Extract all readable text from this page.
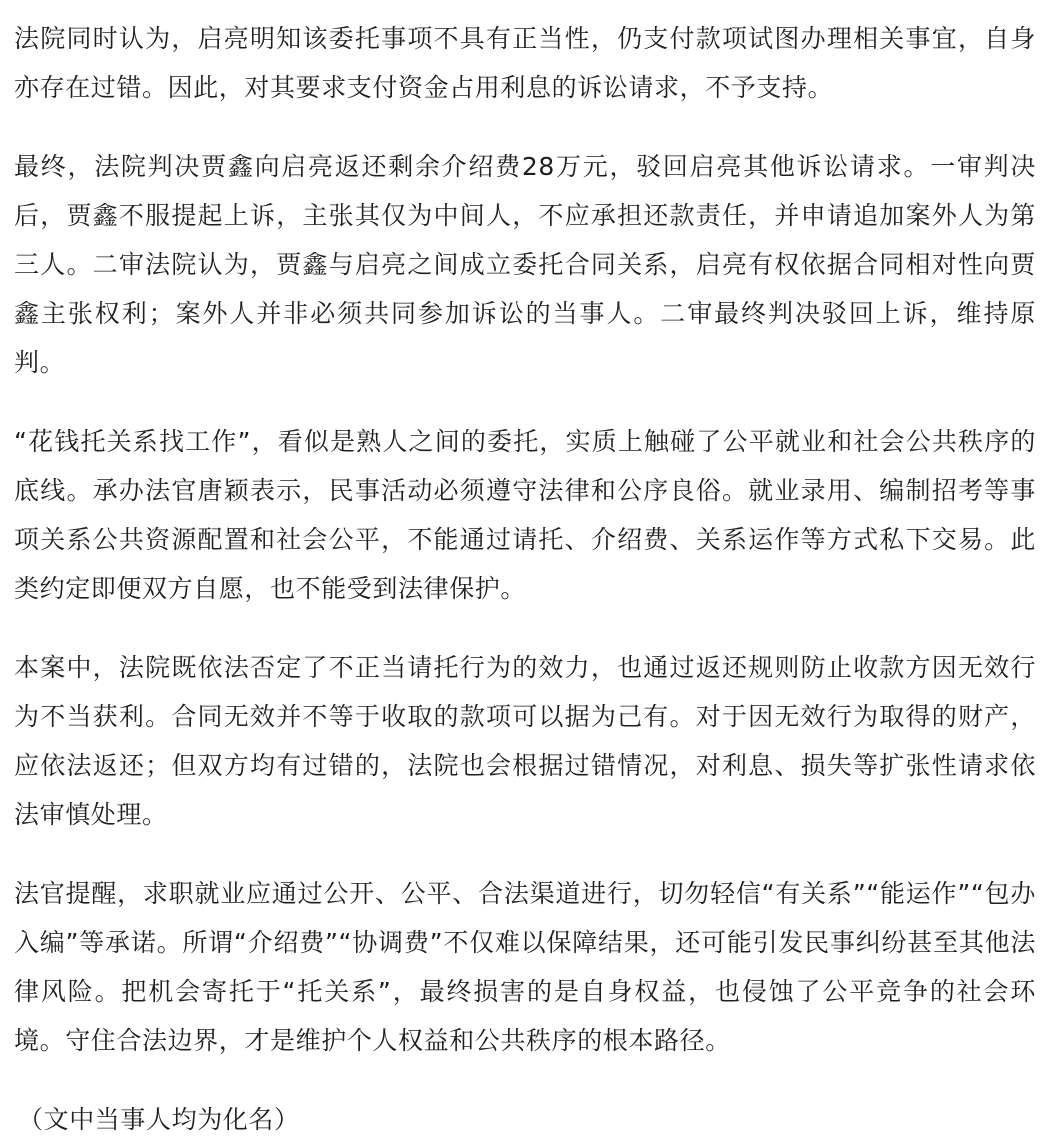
法院同时认为，启亮明知该委托事项不具有正当性，仍支付款项试图办理相关事宜，自身亦存在过错。因此，对其要求支付资金占用利息的诉讼请求，不予支持。

最终，法院判决贾鑫向启亮返还剩余介绍费28万元，驳回启亮其他诉讼请求。一审判决后，贾鑫不服提起上诉，主张其仅为中间人，不应承担还款责任，并申请追加案外人为第三人。二审法院认为，贾鑫与启亮之间成立委托合同关系，启亮有权依据合同相对性向贾鑫主张权利；案外人并非必须共同参加诉讼的当事人。二审最终判决驳回上诉，维持原判。

“花钱托关系找工作”，看似是熟人之间的委托，实质上触碰了公平就业和社会公共秩序的底线。承办法官唐颖表示，民事活动必须遵守法律和公序良俗。就业录用、编制招考等事项关系公共资源配置和社会公平，不能通过请托、介绍费、关系运作等方式私下交易。此类约定即便双方自愿，也不能受到法律保护。

本案中，法院既依法否定了不正当请托行为的效力，也通过返还规则防止收款方因无效行为不当获利。合同无效并不等于收取的款项可以据为己有。对于因无效行为取得的财产，应依法返还；但双方均有过错的，法院也会根据过错情况，对利息、损失等扩张性请求依法审慎处理。

法官提醒，求职就业应通过公开、公平、合法渠道进行，切勿轻信“有关系”“能运作”“包办入编”等承诺。所谓“介绍费”“协调费”不仅难以保障结果，还可能引发民事纠纷甚至其他法律风险。把机会寄托于“托关系”，最终损害的是自身权益，也侵蚀了公平竞争的社会环境。守住合法边界，才是维护个人权益和公共秩序的根本路径。

（文中当事人均为化名）
